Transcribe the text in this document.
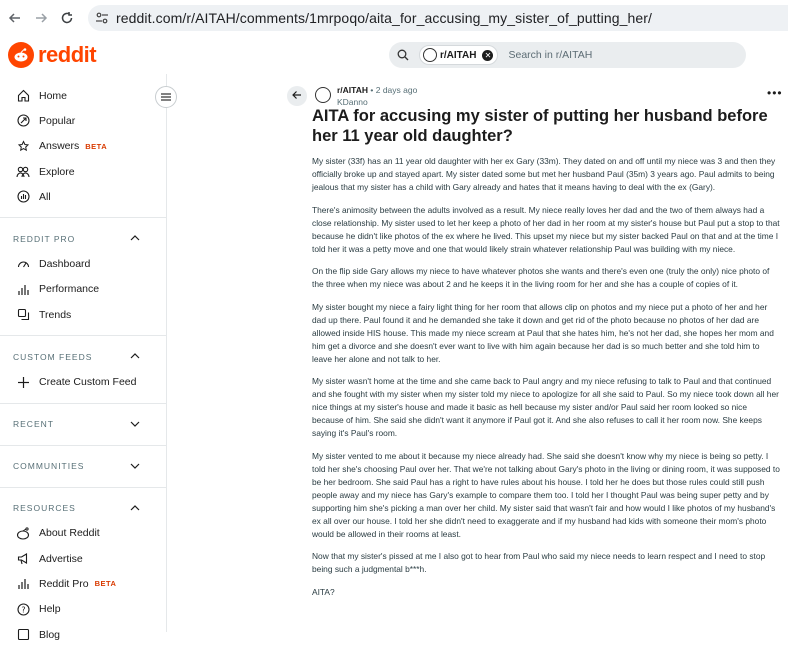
reddit.com/r/AITAH/comments/1mrpoqo/aita_for_accusing_my_sister_of_putting_her/
reddit	r/AITAH ✕ Search in r/AITAH
Home
Popular
Answers BETA
Explore
All
REDDIT PRO
Dashboard
Performance
Trends
CUSTOM FEEDS
Create Custom Feed
RECENT
COMMUNITIES
RESOURCES
About Reddit
Advertise
Reddit Pro BETA
? Help
Blog
r/AITAH • 2 days ago
KDanno
•••
AITA for accusing my sister of putting her husband before her 11 year old daughter?

My sister (33f) has an 11 year old daughter with her ex Gary (33m). They dated on and off until my niece was 3 and then they officially broke up and stayed apart. My sister dated some but met her husband Paul (35m) 3 years ago. Paul admits to being jealous that my sister has a child with Gary already and hates that it means having to deal with the ex (Gary).

There's animosity between the adults involved as a result. My niece really loves her dad and the two of them always had a close relationship. My sister used to let her keep a photo of her dad in her room at my sister's house but Paul put a stop to that because he didn't like photos of the ex where he lived. This upset my niece but my sister backed Paul on that and at the time I told her it was a petty move and one that would likely strain whatever relationship Paul was building with my niece.

On the flip side Gary allows my niece to have whatever photos she wants and there's even one (truly the only) nice photo of the three when my niece was about 2 and he keeps it in the living room for her and she has a couple of copies of it.

My sister bought my niece a fairy light thing for her room that allows clip on photos and my niece put a photo of her and her dad up there. Paul found it and he demanded she take it down and get rid of the photo because no photos of her dad are allowed inside HIS house. This made my niece scream at Paul that she hates him, he's not her dad, she hopes her mom and him get a divorce and she doesn't ever want to live with him again because her dad is so much better and she told him to leave her alone and not talk to her.

My sister wasn't home at the time and she came back to Paul angry and my niece refusing to talk to Paul and that continued and she fought with my sister when my sister told my niece to apologize for all she said to Paul. So my niece took down all her nice things at my sister's house and made it basic as hell because my sister and/or Paul said her room looked so nice because of him. She said she didn't want it anymore if Paul got it. And she also refuses to call it her room now. She keeps saying it's Paul's room.

My sister vented to me about it because my niece already had. She said she doesn't know why my niece is being so petty. I told her she's choosing Paul over her. That we're not talking about Gary's photo in the living or dining room, it was supposed to be her bedroom. She said Paul has a right to have rules about his house. I told her he does but those rules could still push people away and my niece has Gary's example to compare them too. I told her I thought Paul was being super petty and by supporting him she's picking a man over her child. My sister said that wasn't fair and how would I like photos of my husband's ex all over our house. I told her she didn't need to exaggerate and if my husband had kids with someone their mom's photo would be allowed in their rooms at least.

Now that my sister's pissed at me I also got to hear from Paul who said my niece needs to learn respect and I need to stop being such a judgmental b***h.

AITA?
